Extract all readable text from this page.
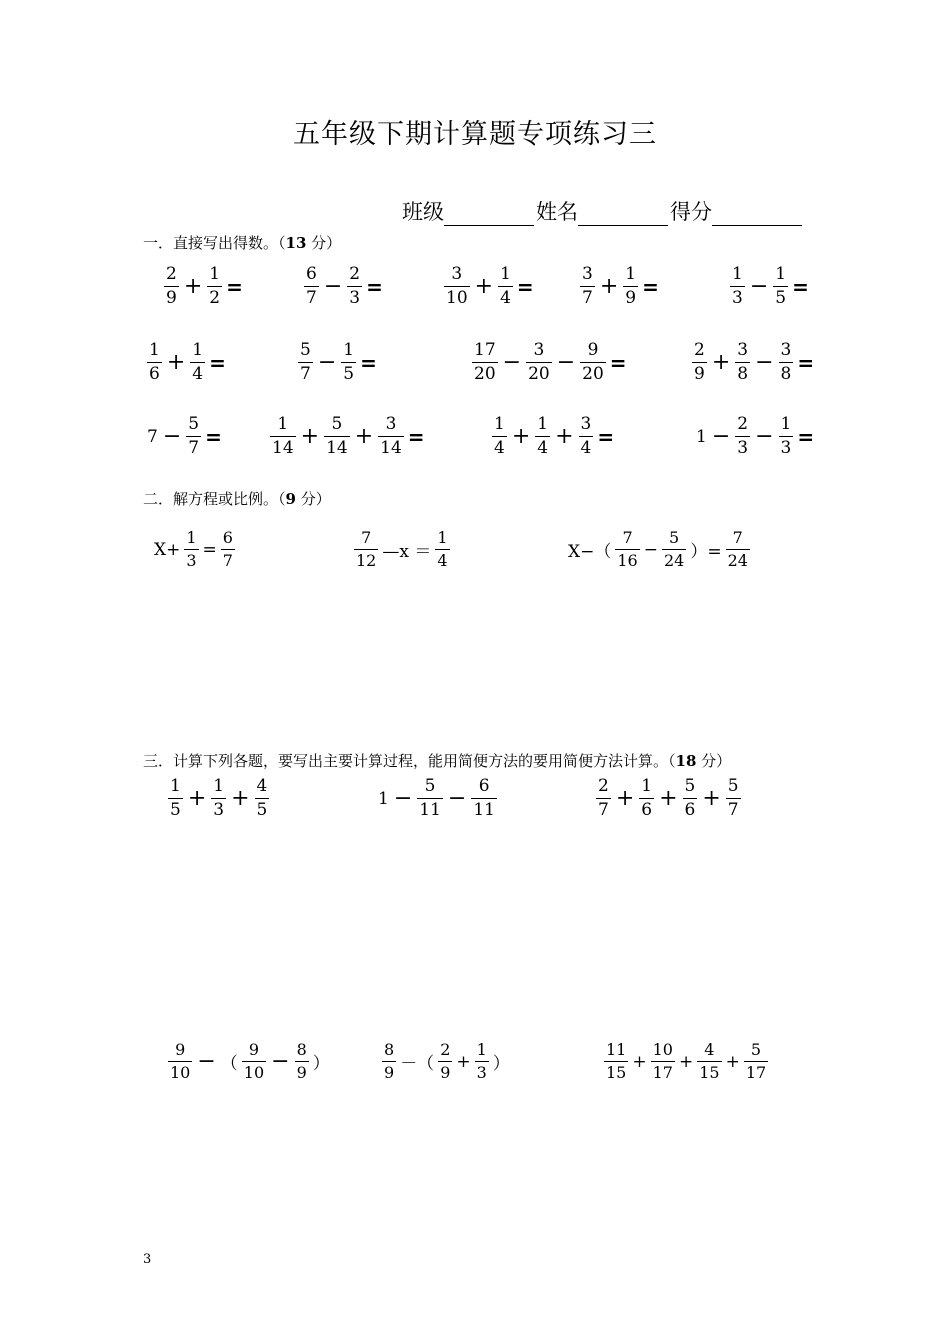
五年级下期计算题专项练习三
班级	姓名	得分
一．直接写出得数。（13 分）
$\frac{2}{9} + \frac{1}{2}$ =	$\frac{6}{7} - \frac{2}{3}$ =	$\frac{3}{10} + \frac{1}{4}$ =	$\frac{3}{7} + \frac{1}{9}$ =	$\frac{1}{3} - \frac{1}{5}$ =
$\frac{1}{6} + \frac{1}{4}$ =	$\frac{5}{7} - \frac{1}{5}$ =	$\frac{17}{20} - \frac{3}{20} - \frac{9}{20}$ =	$\frac{2}{9} + \frac{3}{8} - \frac{3}{8}$ =
$7 - \frac{5}{7}$ =	$\frac{1}{14} + \frac{5}{14} + \frac{3}{14}$ =	$\frac{1}{4} + \frac{1}{4} + \frac{3}{4}$ =	$1 - \frac{2}{3} - \frac{1}{3}$ =
二．解方程或比例。（9 分）
$X+ \frac{1}{3} = \frac{6}{7}$	$\frac{7}{12}$ —x ＝ $\frac{1}{4}$	$X-( \frac{7}{16} - \frac{5}{24}$ ）= $\frac{7}{24}$
三．计算下列各题，要写出主要计算过程，能用简便方法的要用简便方法计算。（18 分）
$\frac{1}{5} + \frac{1}{3} + \frac{4}{5}$	$1 - \frac{5}{11} - \frac{6}{11}$	$\frac{2}{7} + \frac{1}{6} + \frac{5}{6} + \frac{5}{7}$
$\frac{9}{10}$ − （ $\frac{9}{10} - \frac{8}{9}$ ）	$\frac{8}{9}$ －（ $\frac{2}{9} + \frac{1}{3}$ ）	$\frac{11}{15} + \frac{10}{17} + \frac{4}{15} + \frac{5}{17}$
3
